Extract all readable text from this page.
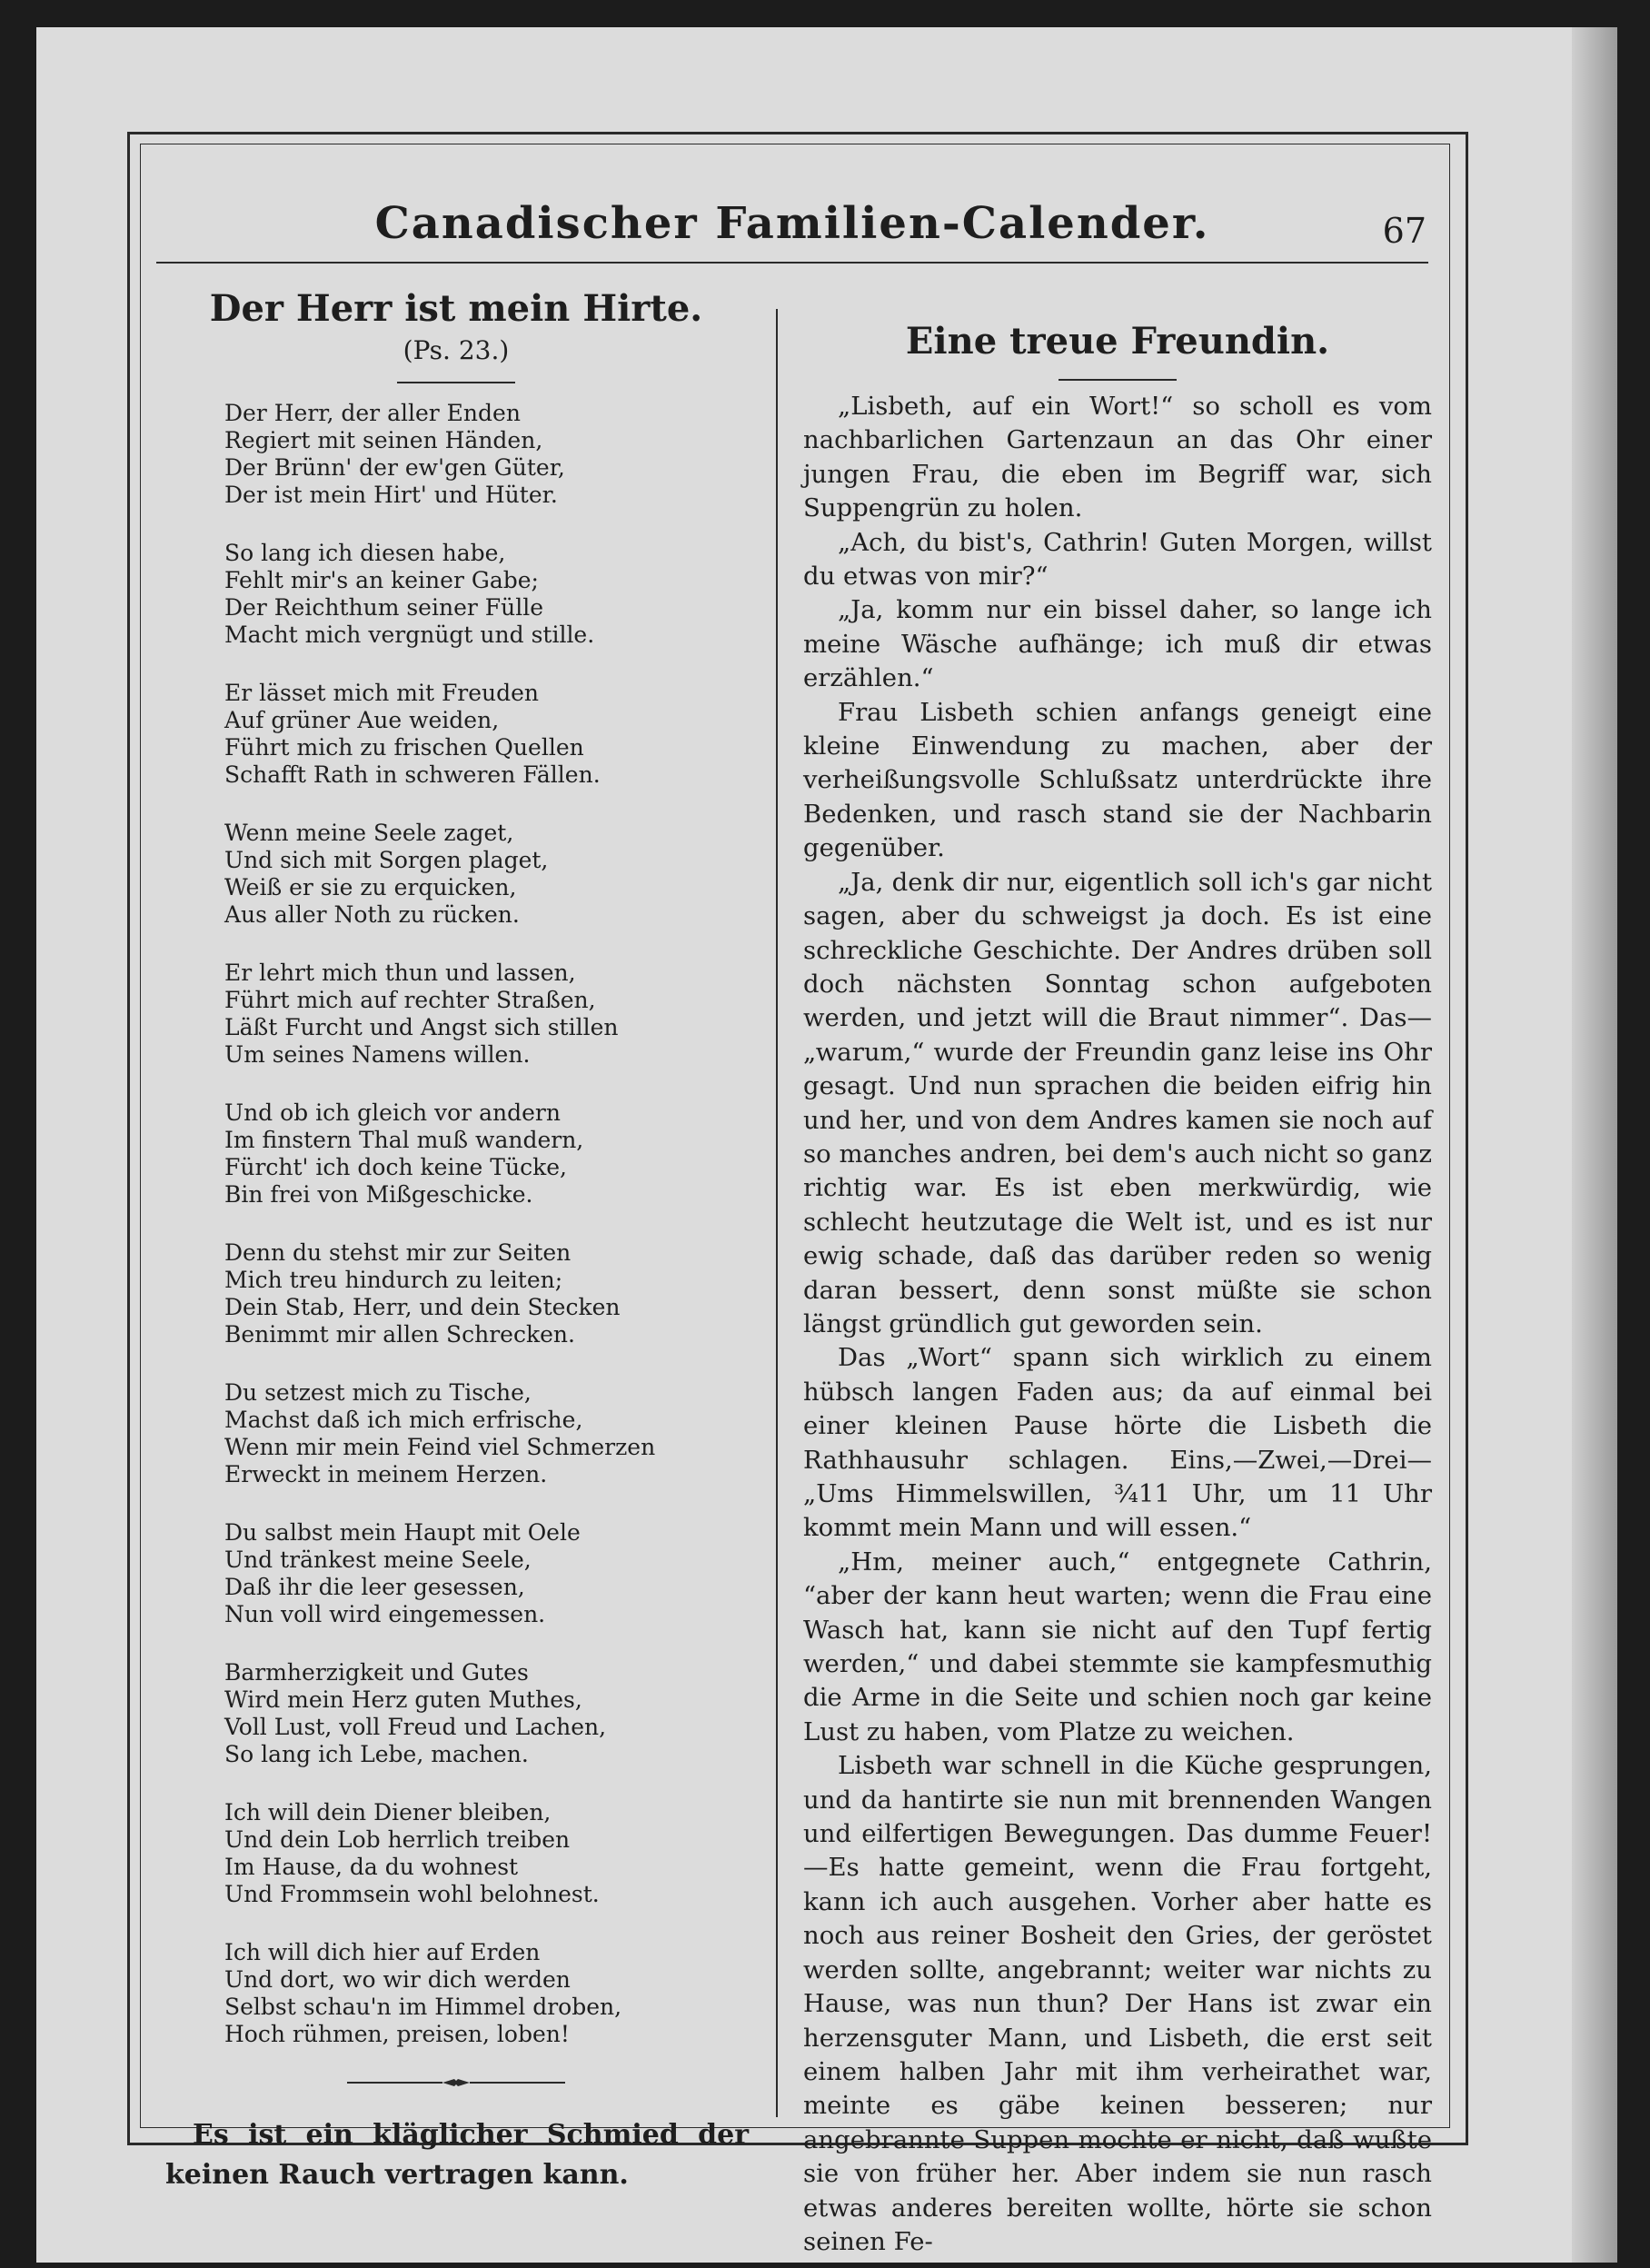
Canadischer Familien-Calender.	67
Der Herr ist mein Hirte.
(Ps. 23.)
Der Herr, der aller Enden
Regiert mit seinen Händen,
Der Brünn' der ew'gen Güter,
Der ist mein Hirt' und Hüter.
So lang ich diesen habe,
Fehlt mir's an keiner Gabe;
Der Reichthum seiner Fülle
Macht mich vergnügt und stille.
Er lässet mich mit Freuden
Auf grüner Aue weiden,
Führt mich zu frischen Quellen
Schafft Rath in schweren Fällen.
Wenn meine Seele zaget,
Und sich mit Sorgen plaget,
Weiß er sie zu erquicken,
Aus aller Noth zu rücken.
Er lehrt mich thun und lassen,
Führt mich auf rechter Straßen,
Läßt Furcht und Angst sich stillen
Um seines Namens willen.
Und ob ich gleich vor andern
Im finstern Thal muß wandern,
Fürcht' ich doch keine Tücke,
Bin frei von Mißgeschicke.
Denn du stehst mir zur Seiten
Mich treu hindurch zu leiten;
Dein Stab, Herr, und dein Stecken
Benimmt mir allen Schrecken.
Du setzest mich zu Tische,
Machst daß ich mich erfrische,
Wenn mir mein Feind viel Schmerzen
Erweckt in meinem Herzen.
Du salbst mein Haupt mit Oele
Und tränkest meine Seele,
Daß ihr die leer gesessen,
Nun voll wird eingemessen.
Barmherzigkeit und Gutes
Wird mein Herz guten Muthes,
Voll Lust, voll Freud und Lachen,
So lang ich Lebe, machen.
Ich will dein Diener bleiben,
Und dein Lob herrlich treiben
Im Hause, da du wohnest
Und Frommsein wohl belohnest.
Ich will dich hier auf Erden
Und dort, wo wir dich werden
Selbst schau'n im Himmel droben,
Hoch rühmen, preisen, loben!

Es ist ein kläglicher Schmied der keinen Rauch vertragen kann.

Eine treue Freundin.

„Lisbeth, auf ein Wort!“ so scholl es vom nachbarlichen Gartenzaun an das Ohr einer jungen Frau, die eben im Begriff war, sich Suppengrün zu holen.

„Ach, du bist's, Cathrin! Guten Morgen, willst du etwas von mir?“

„Ja, komm nur ein bissel daher, so lange ich meine Wäsche aufhänge; ich muß dir etwas erzählen.“

Frau Lisbeth schien anfangs geneigt eine kleine Einwendung zu machen, aber der verheißungsvolle Schlußsatz unterdrückte ihre Bedenken, und rasch stand sie der Nachbarin gegenüber.

„Ja, denk dir nur, eigentlich soll ich's gar nicht sagen, aber du schweigst ja doch. Es ist eine schreckliche Geschichte. Der Andres drüben soll doch nächsten Sonntag schon aufgeboten werden, und jetzt will die Braut nimmer“. Das—„warum,“ wurde der Freundin ganz leise ins Ohr gesagt. Und nun sprachen die beiden eifrig hin und her, und von dem Andres kamen sie noch auf so manches andren, bei dem's auch nicht so ganz richtig war. Es ist eben merkwürdig, wie schlecht heutzutage die Welt ist, und es ist nur ewig schade, daß das darüber reden so wenig daran bessert, denn sonst müßte sie schon längst gründlich gut geworden sein.

Das „Wort“ spann sich wirklich zu einem hübsch langen Faden aus; da auf einmal bei einer kleinen Pause hörte die Lisbeth die Rathhausuhr schlagen. Eins,—Zwei,—Drei—„Ums Himmelswillen, ¾11 Uhr, um 11 Uhr kommt mein Mann und will essen.“

„Hm, meiner auch,“ entgegnete Cathrin, “aber der kann heut warten; wenn die Frau eine Wasch hat, kann sie nicht auf den Tupf fertig werden,“ und dabei stemmte sie kampfesmuthig die Arme in die Seite und schien noch gar keine Lust zu haben, vom Platze zu weichen.

Lisbeth war schnell in die Küche gesprungen, und da hantirte sie nun mit brennenden Wangen und eilfertigen Bewegungen. Das dumme Feuer!—Es hatte gemeint, wenn die Frau fortgeht, kann ich auch ausgehen. Vorher aber hatte es noch aus reiner Bosheit den Gries, der geröstet werden sollte, angebrannt; weiter war nichts zu Hause, was nun thun? Der Hans ist zwar ein herzensguter Mann, und Lisbeth, die erst seit einem halben Jahr mit ihm verheirathet war, meinte es gäbe keinen besseren; nur angebrannte Suppen mochte er nicht, daß wußte sie von früher her. Aber indem sie nun rasch etwas anderes bereiten wollte, hörte sie schon seinen Fe-
